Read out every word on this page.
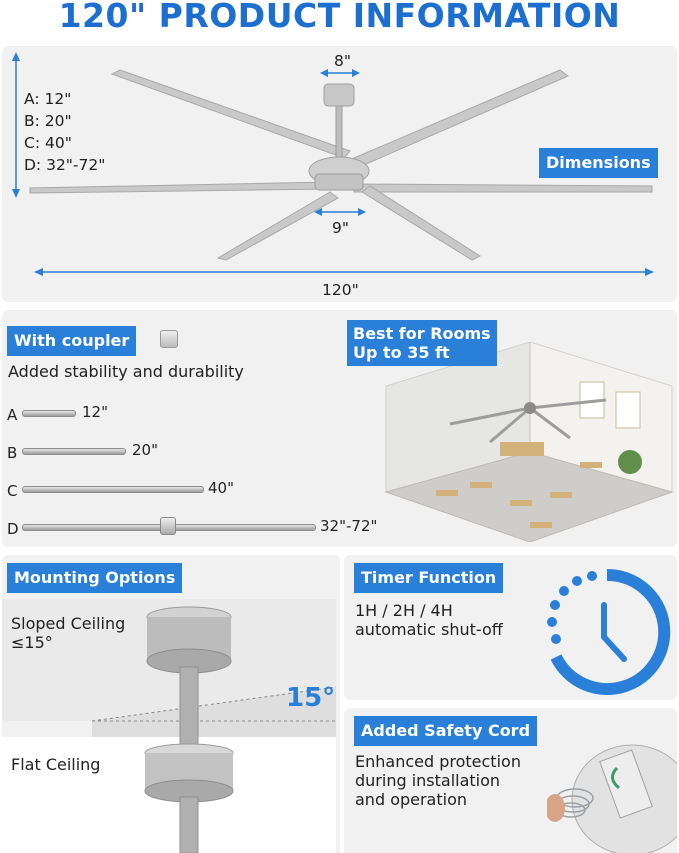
120" PRODUCT INFORMATION
A: 12"
B: 20"
C: 40"
D: 32"-72"
8"
9"
120"
Dimensions
With coupler
Added stability and durability
A	12"
B	20"
C	40"
D	32"-72"
Best for Rooms
Up to 35 ft
Mounting Options
Sloped Ceiling
≤15°
15°
Flat Ceiling
Timer Function
1H / 2H / 4H
automatic shut-off
Added Safety Cord
Enhanced protection
during installation
and operation
